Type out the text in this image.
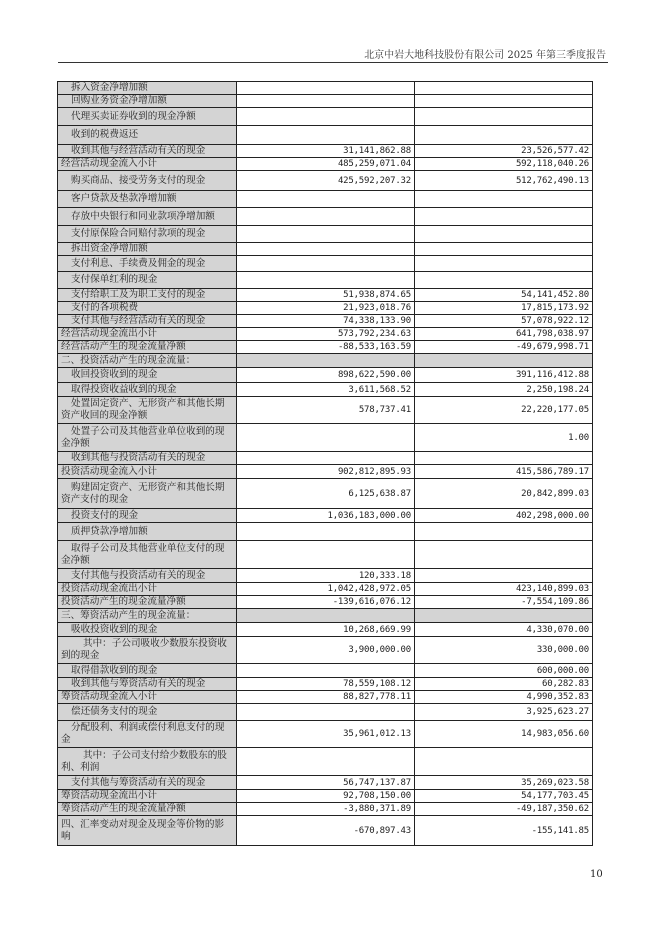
北京中岩大地科技股份有限公司 2025 年第三季度报告
拆入资金净增加额		
回购业务资金净增加额		
代理买卖证券收到的现金净额		
收到的税费返还		
收到其他与经营活动有关的现金	31,141,862.88	23,526,577.42
经营活动现金流入小计	485,259,071.04	592,118,040.26
购买商品、接受劳务支付的现金	425,592,207.32	512,762,490.13
客户贷款及垫款净增加额		
存放中央银行和同业款项净增加额		
支付原保险合同赔付款项的现金		
拆出资金净增加额		
支付利息、手续费及佣金的现金		
支付保单红利的现金		
支付给职工及为职工支付的现金	51,938,874.65	54,141,452.80
支付的各项税费	21,923,018.76	17,815,173.92
支付其他与经营活动有关的现金	74,338,133.90	57,078,922.12
经营活动现金流出小计	573,792,234.63	641,798,038.97
经营活动产生的现金流量净额	-88,533,163.59	-49,679,998.71
二、投资活动产生的现金流量：		
收回投资收到的现金	898,622,590.00	391,116,412.88
取得投资收益收到的现金	3,611,568.52	2,250,198.24
处置固定资产、无形资产和其他长期资产收回的现金净额	578,737.41	22,220,177.05
处置子公司及其他营业单位收到的现金净额		1.00
收到其他与投资活动有关的现金		
投资活动现金流入小计	902,812,895.93	415,586,789.17
购建固定资产、无形资产和其他长期资产支付的现金	6,125,638.87	20,842,899.03
投资支付的现金	1,036,183,000.00	402,298,000.00
质押贷款净增加额		
取得子公司及其他营业单位支付的现金净额		
支付其他与投资活动有关的现金	120,333.18	
投资活动现金流出小计	1,042,428,972.05	423,140,899.03
投资活动产生的现金流量净额	-139,616,076.12	-7,554,109.86
三、筹资活动产生的现金流量：		
吸收投资收到的现金	10,268,669.99	4,330,070.00
其中：子公司吸收少数股东投资收到的现金	3,900,000.00	330,000.00
取得借款收到的现金		600,000.00
收到其他与筹资活动有关的现金	78,559,108.12	60,282.83
筹资活动现金流入小计	88,827,778.11	4,990,352.83
偿还债务支付的现金		3,925,623.27
分配股利、利润或偿付利息支付的现金	35,961,012.13	14,983,056.60
其中：子公司支付给少数股东的股利、利润		
支付其他与筹资活动有关的现金	56,747,137.87	35,269,023.58
筹资活动现金流出小计	92,708,150.00	54,177,703.45
筹资活动产生的现金流量净额	-3,880,371.89	-49,187,350.62
四、汇率变动对现金及现金等价物的影响	-670,897.43	-155,141.85
10
